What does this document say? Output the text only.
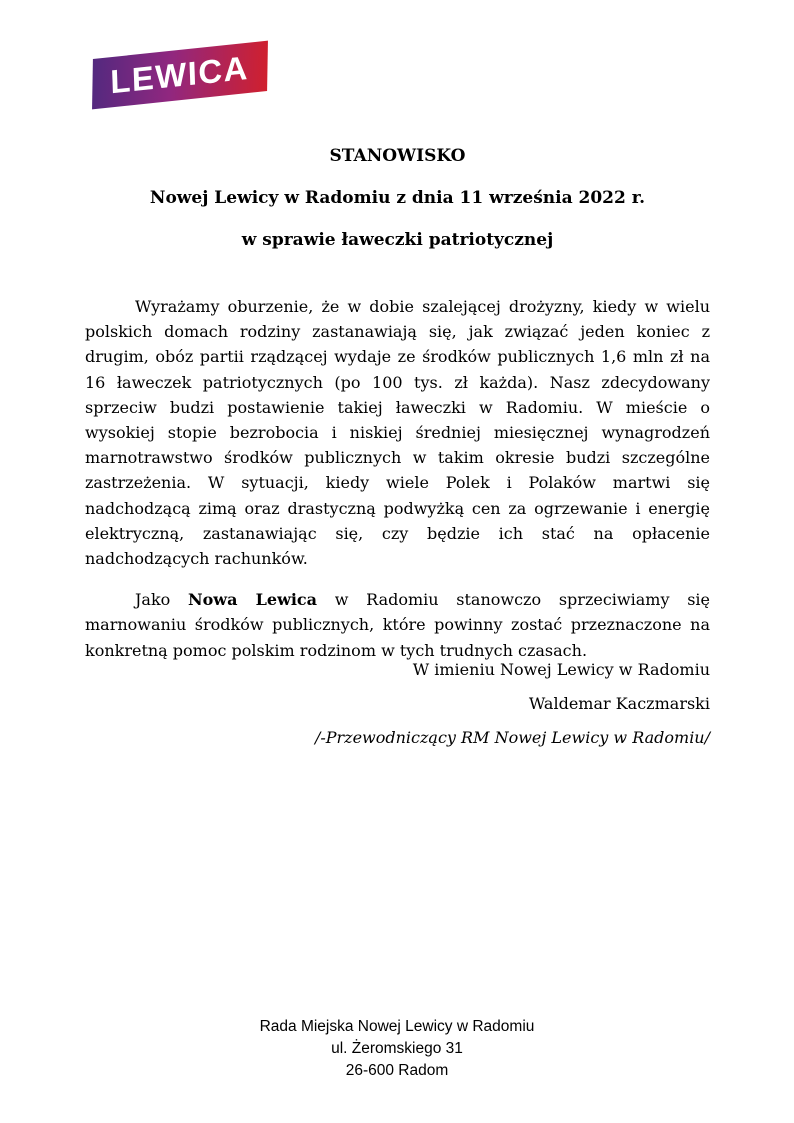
LEWICA
STANOWISKO
Nowej Lewicy w Radomiu z dnia 11 września 2022 r.
w sprawie ławeczki patriotycznej

Wyrażamy oburzenie, że w dobie szalejącej drożyzny, kiedy w wielu polskich domach rodziny zastanawiają się, jak związać jeden koniec z drugim, obóz partii rządzącej wydaje ze środków publicznych 1,6 mln zł na 16 ławeczek patriotycznych (po 100 tys. zł każda). Nasz zdecydowany sprzeciw budzi postawienie takiej ławeczki w Radomiu. W mieście o wysokiej stopie bezrobocia i niskiej średniej miesięcznej wynagrodzeń marnotrawstwo środków publicznych w takim okresie budzi szczególne zastrzeżenia. W sytuacji, kiedy wiele Polek i Polaków martwi się nadchodzącą zimą oraz drastyczną podwyżką cen za ogrzewanie i energię elektryczną, zastanawiając się, czy będzie ich stać na opłacenie nadchodzących rachunków.

Jako Nowa Lewica w Radomiu stanowczo sprzeciwiamy się marnowaniu środków publicznych, które powinny zostać przeznaczone na konkretną pomoc polskim rodzinom w tych trudnych czasach.

W imieniu Nowej Lewicy w Radomiu
Waldemar Kaczmarski
/-Przewodniczący RM Nowej Lewicy w Radomiu/
Rada Miejska Nowej Lewicy w Radomiu
ul. Żeromskiego 31
26-600 Radom
